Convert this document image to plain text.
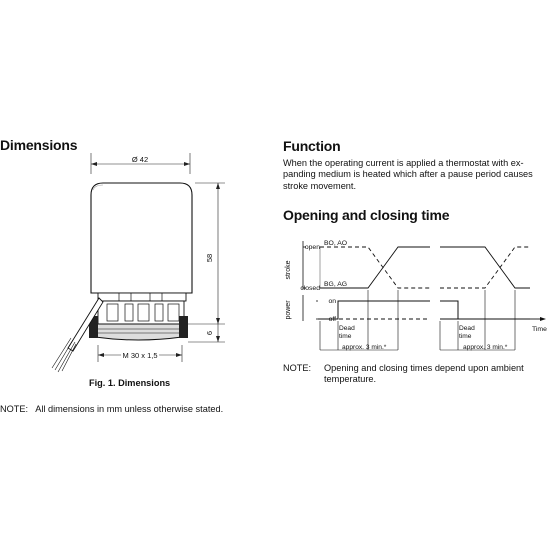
Dimensions
Ø 42
58
6
M 30 x 1,5
Fig. 1. Dimensions
NOTE:   All dimensions in mm unless otherwise stated.
Function
When the operating current is applied a thermostat with ex-
panding medium is heated which after a pause period causes
stroke movement.
Opening and closing time
stroke
power
open
closed
on
off
BO, AO
BG, AG
Time
Dead
time
Dead
time
approx. 3 min.*	approx. 3 min.*
NOTE: Opening and closing times depend upon ambient
temperature.
